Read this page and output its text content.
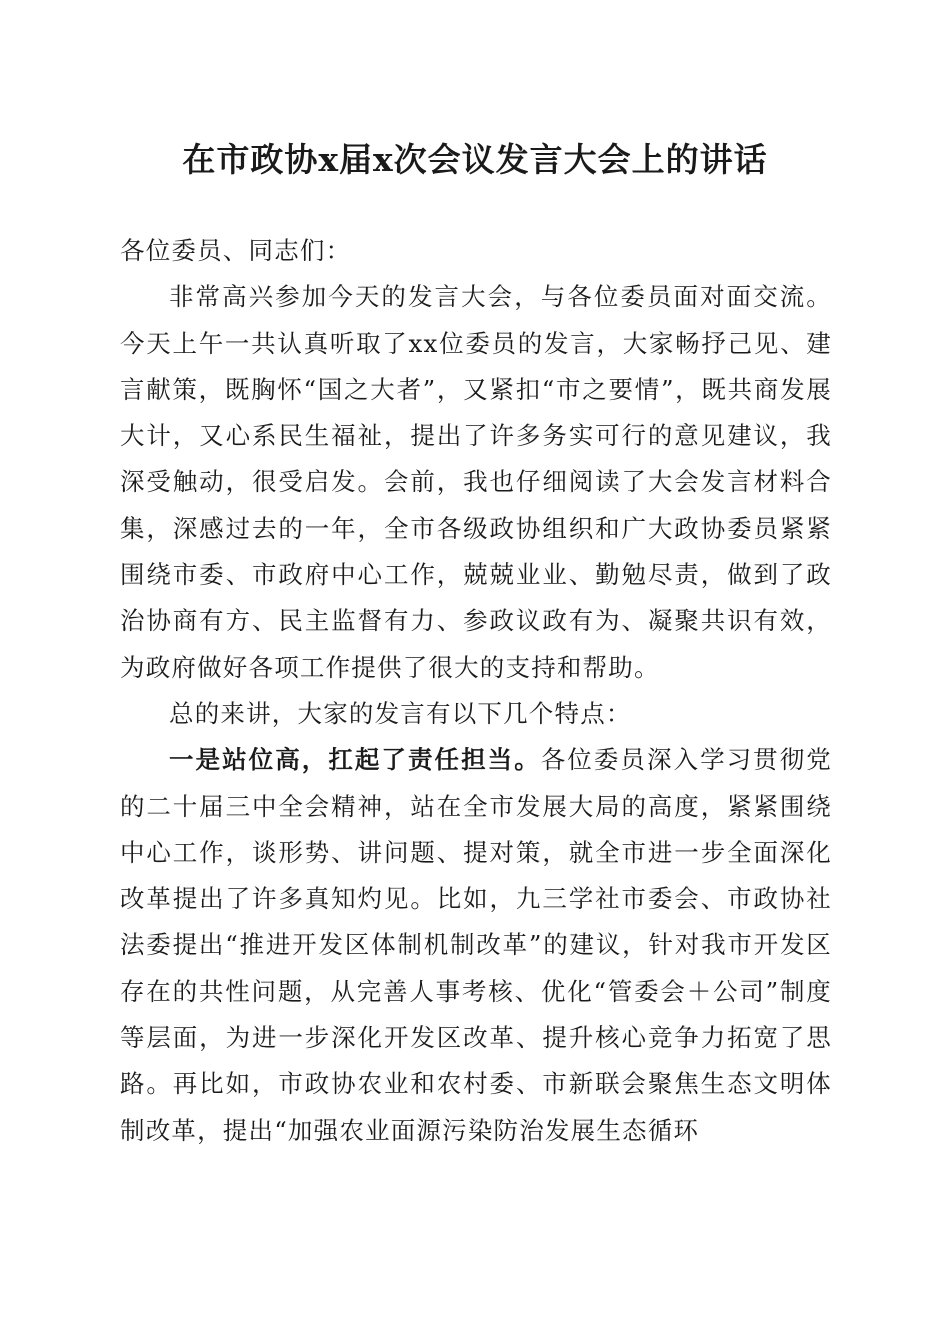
在市政协x届x次会议发言大会上的讲话

各位委员、同志们：

非常高兴参加今天的发言大会，与各位委员面对面交流。今天上午一共认真听取了xx位委员的发言，大家畅抒己见、建言献策，既胸怀“国之大者”，又紧扣“市之要情”，既共商发展大计，又心系民生福祉，提出了许多务实可行的意见建议，我深受触动，很受启发。会前，我也仔细阅读了大会发言材料合集，深感过去的一年，全市各级政协组织和广大政协委员紧紧围绕市委、市政府中心工作，兢兢业业、勤勉尽责，做到了政治协商有方、民主监督有力、参政议政有为、凝聚共识有效，为政府做好各项工作提供了很大的支持和帮助。

总的来讲，大家的发言有以下几个特点：

一是站位高，扛起了责任担当。各位委员深入学习贯彻党的二十届三中全会精神，站在全市发展大局的高度，紧紧围绕中心工作，谈形势、讲问题、提对策，就全市进一步全面深化改革提出了许多真知灼见。比如，九三学社市委会、市政协社法委提出“推进开发区体制机制改革”的建议，针对我市开发区存在的共性问题，从完善人事考核、优化“管委会＋公司”制度等层面，为进一步深化开发区改革、提升核心竞争力拓宽了思路。再比如，市政协农业和农村委、市新联会聚焦生态文明体制改革，提出“加强农业面源污染防治发展生态循环
